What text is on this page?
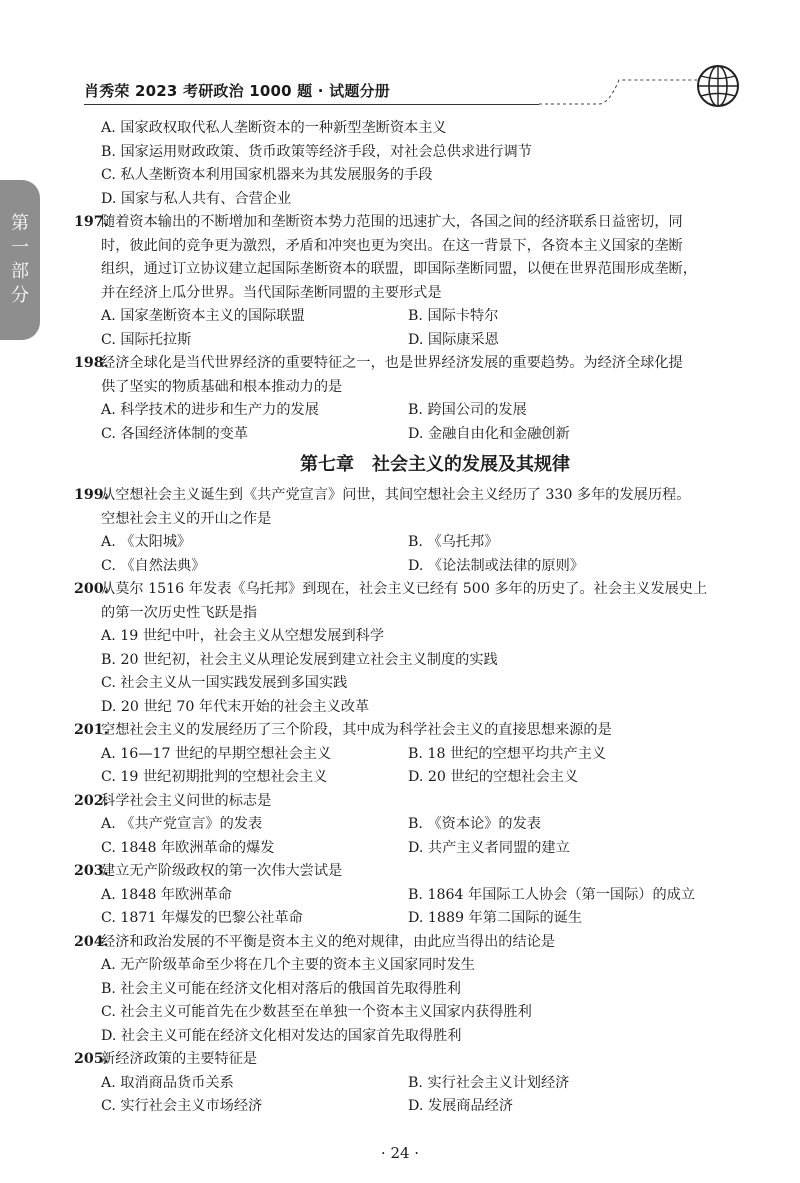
肖秀荣 2023 考研政治 1000 题 · 试题分册
第
一
部
分
A. 国家政权取代私人垄断资本的一种新型垄断资本主义
B. 国家运用财政政策、货币政策等经济手段，对社会总供求进行调节
C. 私人垄断资本利用国家机器来为其发展服务的手段
D. 国家与私人共有、合营企业
197.
随着资本输出的不断增加和垄断资本势力范围的迅速扩大，各国之间的经济联系日益密切，同
时，彼此间的竞争更为激烈，矛盾和冲突也更为突出。在这一背景下，各资本主义国家的垄断
组织，通过订立协议建立起国际垄断资本的联盟，即国际垄断同盟，以便在世界范围形成垄断，
并在经济上瓜分世界。当代国际垄断同盟的主要形式是
A. 国家垄断资本主义的国际联盟	B. 国际卡特尔
C. 国际托拉斯	D. 国际康采恩
198.
经济全球化是当代世界经济的重要特征之一，也是世界经济发展的重要趋势。为经济全球化提
供了坚实的物质基础和根本推动力的是
A. 科学技术的进步和生产力的发展	B. 跨国公司的发展
C. 各国经济体制的变革	D. 金融自由化和金融创新
第七章　社会主义的发展及其规律
199.
从空想社会主义诞生到《共产党宣言》问世，其间空想社会主义经历了 330 多年的发展历程。
空想社会主义的开山之作是
A. 《太阳城》	B. 《乌托邦》
C. 《自然法典》	D. 《论法制或法律的原则》
200.
从莫尔 1516 年发表《乌托邦》到现在，社会主义已经有 500 多年的历史了。社会主义发展史上
的第一次历史性飞跃是指
A. 19 世纪中叶，社会主义从空想发展到科学
B. 20 世纪初，社会主义从理论发展到建立社会主义制度的实践
C. 社会主义从一国实践发展到多国实践
D. 20 世纪 70 年代末开始的社会主义改革
201.
空想社会主义的发展经历了三个阶段，其中成为科学社会主义的直接思想来源的是
A. 16—17 世纪的早期空想社会主义	B. 18 世纪的空想平均共产主义
C. 19 世纪初期批判的空想社会主义	D. 20 世纪的空想社会主义
202.
科学社会主义问世的标志是
A. 《共产党宣言》的发表	B. 《资本论》的发表
C. 1848 年欧洲革命的爆发	D. 共产主义者同盟的建立
203.
建立无产阶级政权的第一次伟大尝试是
A. 1848 年欧洲革命	B. 1864 年国际工人协会（第一国际）的成立
C. 1871 年爆发的巴黎公社革命	D. 1889 年第二国际的诞生
204.
经济和政治发展的不平衡是资本主义的绝对规律，由此应当得出的结论是
A. 无产阶级革命至少将在几个主要的资本主义国家同时发生
B. 社会主义可能在经济文化相对落后的俄国首先取得胜利
C. 社会主义可能首先在少数甚至在单独一个资本主义国家内获得胜利
D. 社会主义可能在经济文化相对发达的国家首先取得胜利
205.
新经济政策的主要特征是
A. 取消商品货币关系	B. 实行社会主义计划经济
C. 实行社会主义市场经济	D. 发展商品经济
· 24 ·
